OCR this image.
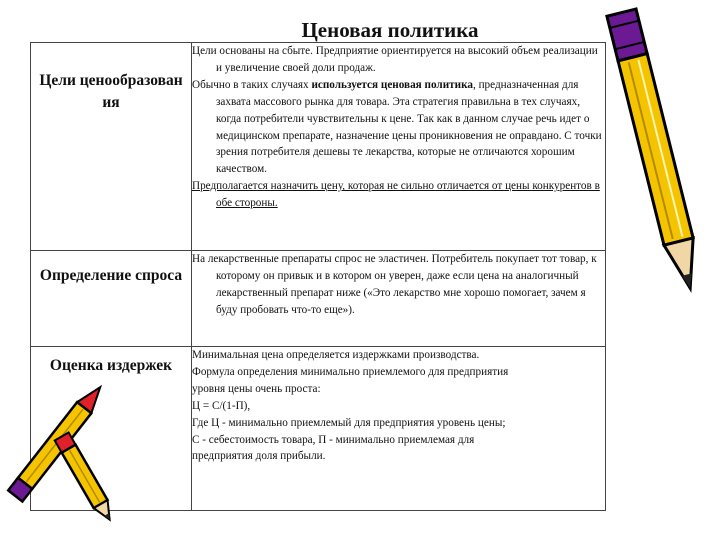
Ценовая политика
Цели ценообразован ия	Цели основаны на сбыте. Предприятие ориентируется на высокий объем реализации и увеличение своей доли продаж.

Обычно в таких случаях используется ценовая политика, предназначенная для захвата массового рынка для товара. Эта стратегия правильна в тех случаях, когда потребители чувствительны к цене. Так как в данном случае речь идет о медицинском препарате, назначение цены проникновения не оправдано. С точки зрения потребителя дешевы те лекарства, которые не отличаются хорошим качеством.

Предполагается назначить цену, которая не сильно отличается от цены конкурентов в обе стороны.

Определение спроса	На лекарственные препараты спрос не эластичен. Потребитель покупает тот товар, к которому он привык и в котором он уверен, даже если цена на аналогичный лекарственный препарат ниже («Это лекарство мне хорошо помогает, зачем я буду пробовать что-то еще»).

Оценка издержек	Минимальная цена определяется издержками производства. Формула определения минимально приемлемого для предприятия уровня цены очень проста:

Ц = С/(1-П),

Где Ц - минимально приемлемый для предприятия уровень цены; С - себестоимость товара, П - минимально приемлемая для предприятия доля прибыли.
